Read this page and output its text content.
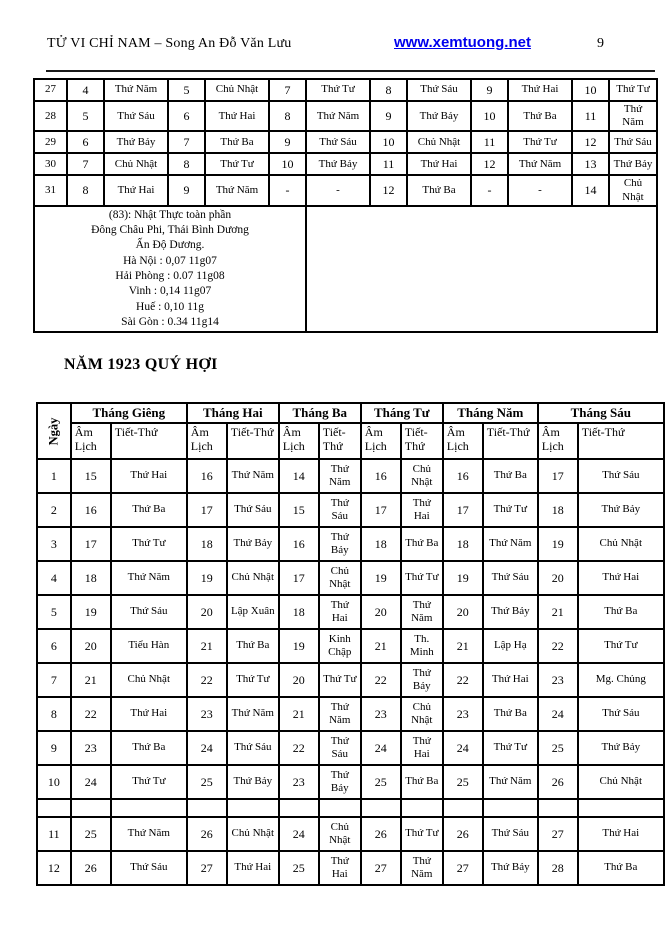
TỬ VI CHỈ NAM – Song An Đỗ Văn Lưu	www.xemtuong.net	9
27	4	Thứ Năm	5	Chủ Nhật	7	Thứ Tư	8	Thứ Sáu	9	Thứ Hai	10	Thứ Tư
28	5	Thứ Sáu	6	Thứ Hai	8	Thứ Năm	9	Thứ Bảy	10	Thứ Ba	11	Thứ Năm
29	6	Thứ Bảy	7	Thứ Ba	9	Thứ Sáu	10	Chủ Nhật	11	Thứ Tư	12	Thứ Sáu
30	7	Chủ Nhật	8	Thứ Tư	10	Thứ Bảy	11	Thứ Hai	12	Thứ Năm	13	Thứ Bảy
31	8	Thứ Hai	9	Thứ Năm	-	-	12	Thứ Ba	-	-	14	Chủ Nhật

(83): Nhật Thực toàn phần
Đông Châu Phi, Thái Bình Dương
Ấn Độ Dương.
Hà Nội : 0,07 11g07
Hải Phòng : 0.07 11g08
Vinh : 0,14 11g07
Huế : 0,10 11g
Sài Gòn : 0.34 11g14

NĂM 1923 QUÝ HỢI
Ngày	Tháng Giêng		Tháng Hai		Tháng Ba		Tháng Tư		Tháng Năm		Tháng Sáu	
	Âm Lịch	Tiết-Thứ	Âm Lịch	Tiết-Thứ	Âm Lịch	Tiết-Thứ	Âm Lịch	Tiết-Thứ	Âm Lịch	Tiết-Thứ	Âm Lịch	Tiết-Thứ
1	15	Thứ Hai	16	Thứ Năm	14	Thứ Năm	16	Chủ Nhật	16	Thứ Ba	17	Thứ Sáu
2	16	Thứ Ba	17	Thứ Sáu	15	Thứ Sáu	17	Thứ Hai	17	Thứ Tư	18	Thứ Bảy
3	17	Thứ Tư	18	Thứ Bảy	16	Thứ Bảy	18	Thứ Ba	18	Thứ Năm	19	Chủ Nhật
4	18	Thứ Năm	19	Chủ Nhật	17	Chủ Nhật	19	Thứ Tư	19	Thứ Sáu	20	Thứ Hai
5	19	Thứ Sáu	20	Lập Xuân	18	Thứ Hai	20	Thứ Năm	20	Thứ Bảy	21	Thứ Ba
6	20	Tiểu Hàn	21	Thứ Ba	19	Kinh Chập	21	Th. Minh	21	Lập Hạ	22	Thứ Tư
7	21	Chủ Nhật	22	Thứ Tư	20	Thứ Tư	22	Thứ Bảy	22	Thứ Hai	23	Mg. Chủng
8	22	Thứ Hai	23	Thứ Năm	21	Thứ Năm	23	Chủ Nhật	23	Thứ Ba	24	Thứ Sáu
9	23	Thứ Ba	24	Thứ Sáu	22	Thứ Sáu	24	Thứ Hai	24	Thứ Tư	25	Thứ Bảy
10	24	Thứ Tư	25	Thứ Bảy	23	Thứ Bảy	25	Thứ Ba	25	Thứ Năm	26	Chủ Nhật

11	25	Thứ Năm	26	Chủ Nhật	24	Chủ Nhật	26	Thứ Tư	26	Thứ Sáu	27	Thứ Hai
12	26	Thứ Sáu	27	Thứ Hai	25	Thứ Hai	27	Thứ Năm	27	Thứ Bảy	28	Thứ Ba
